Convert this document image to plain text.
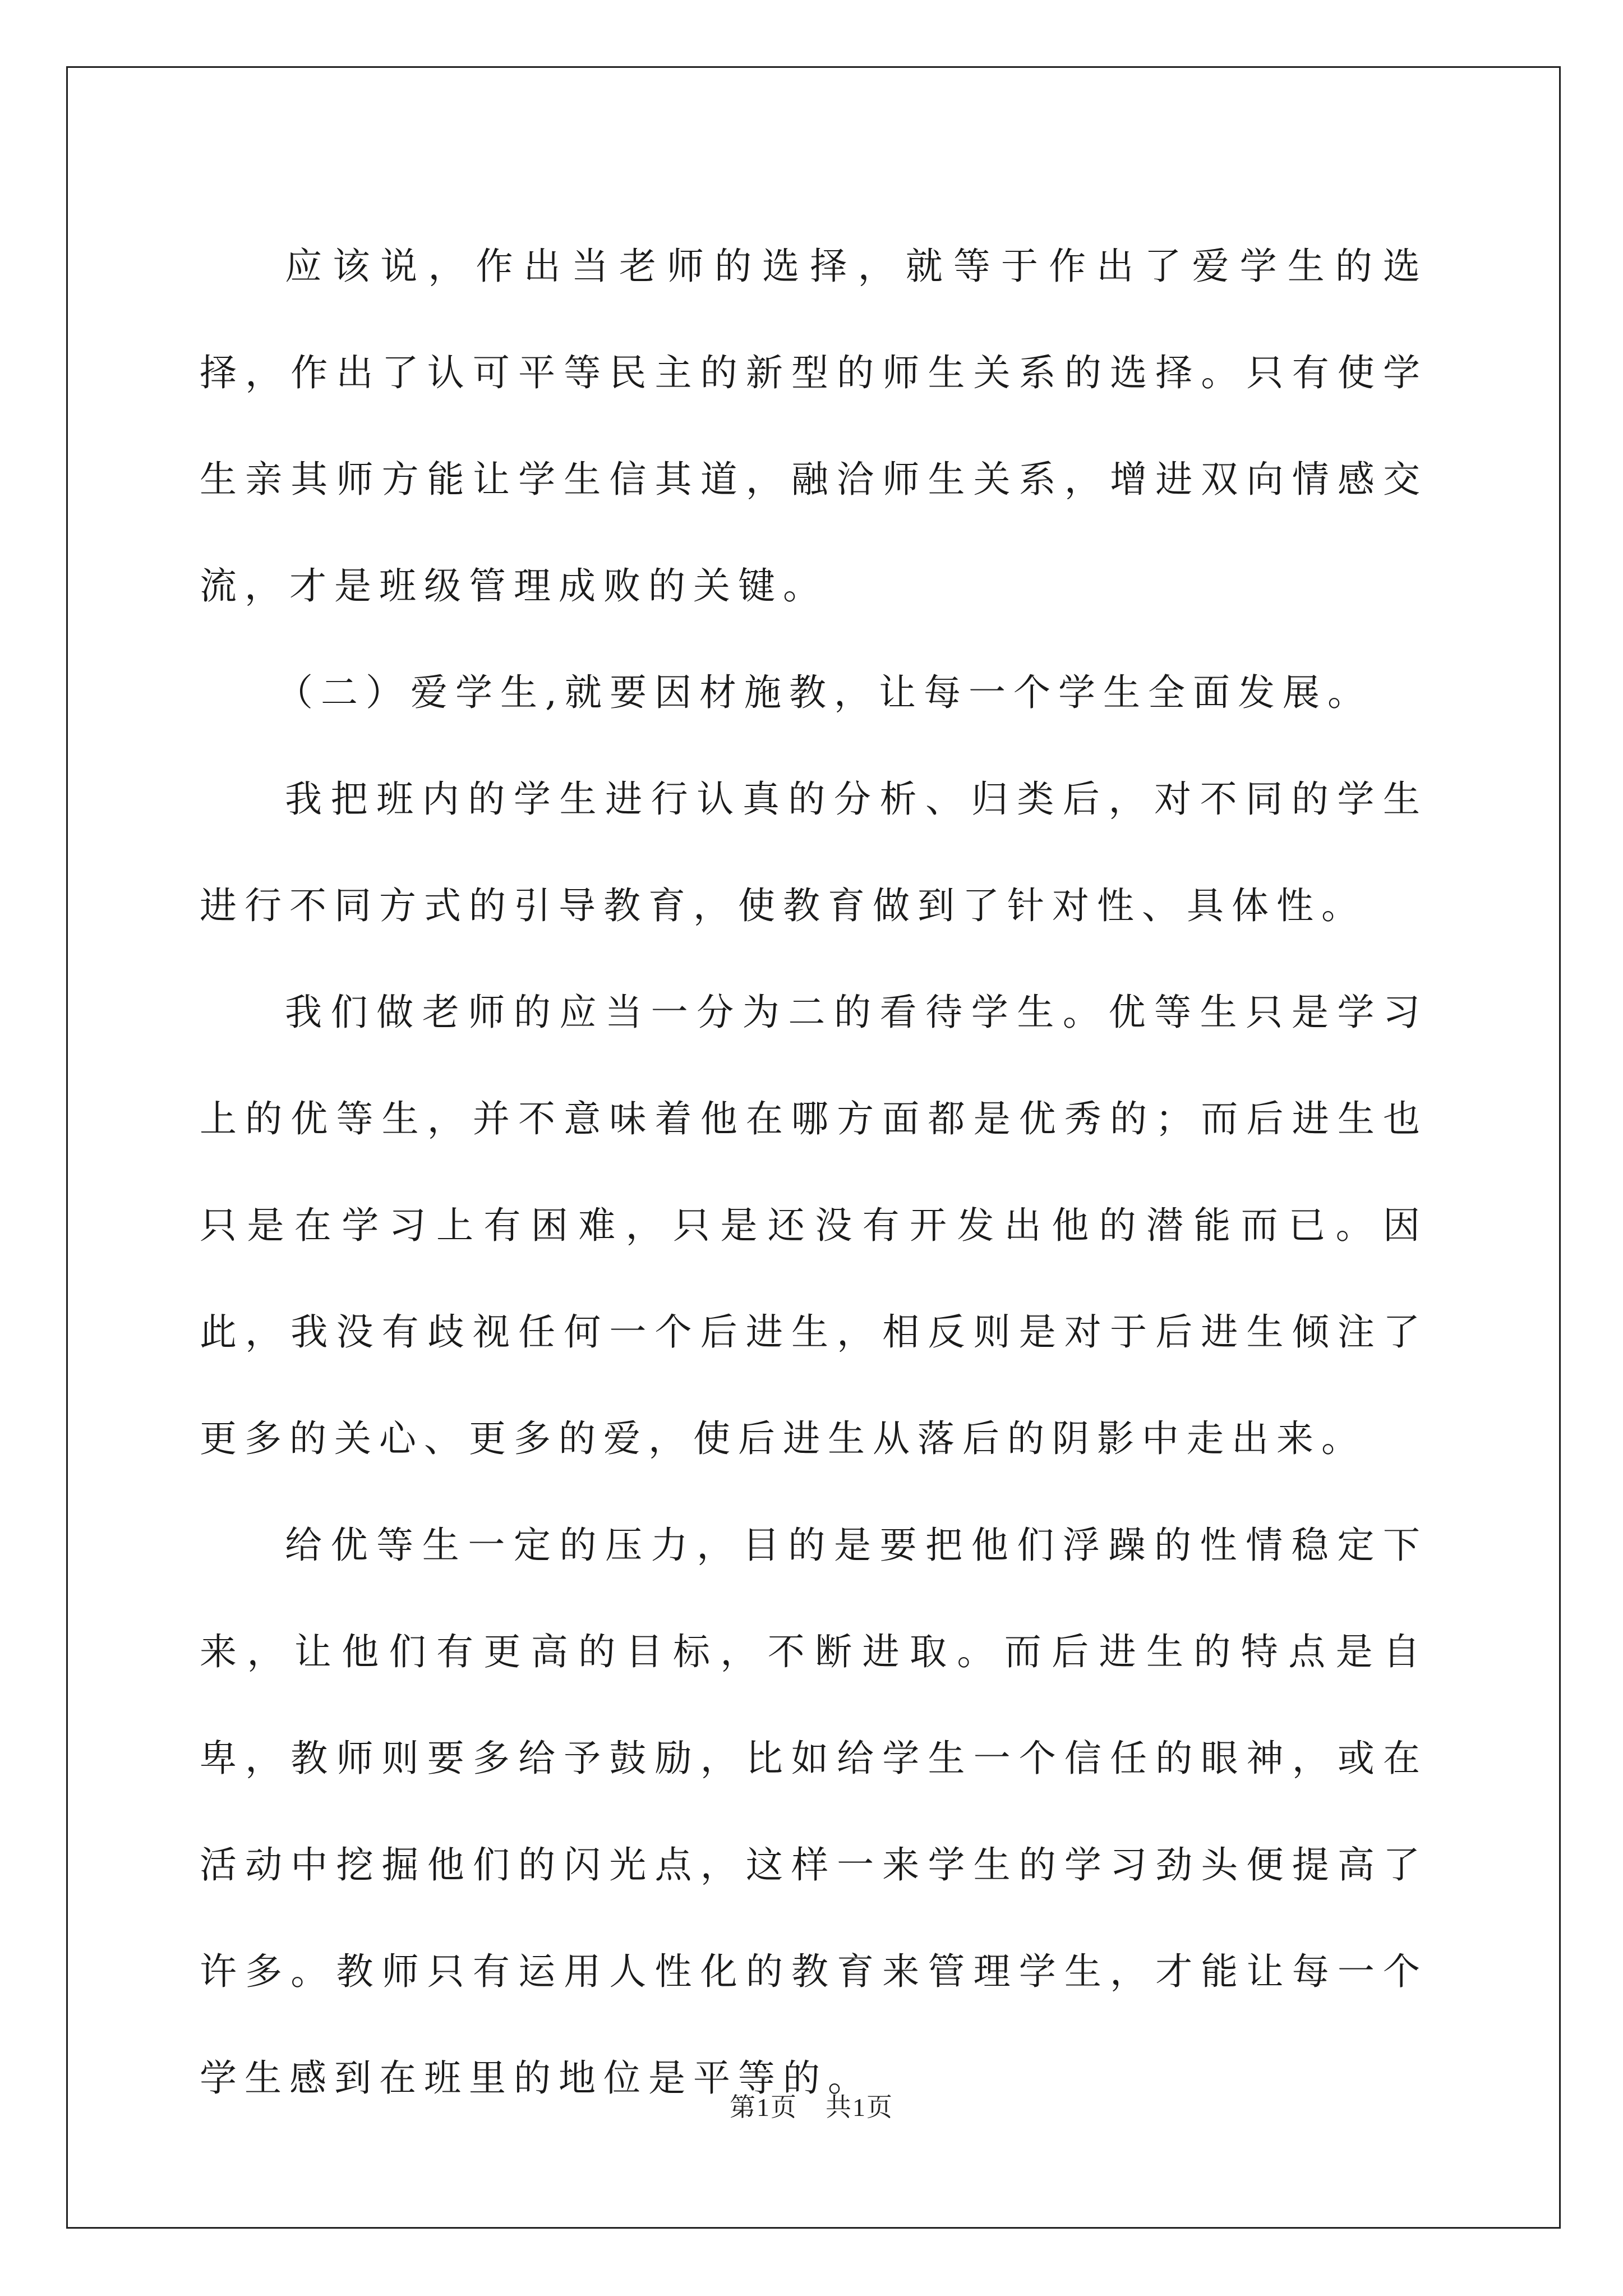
应该说，作出当老师的选择，就等于作出了爱学生的选择，作出了认可平等民主的新型的师生关系的选择。只有使学生亲其师方能让学生信其道，融洽师生关系，增进双向情感交流，才是班级管理成败的关键。

（二）爱学生,就要因材施教，让每一个学生全面发展。

我把班内的学生进行认真的分析、归类后，对不同的学生进行不同方式的引导教育，使教育做到了针对性、具体性。

我们做老师的应当一分为二的看待学生。优等生只是学习上的优等生，并不意味着他在哪方面都是优秀的；而后进生也只是在学习上有困难，只是还没有开发出他的潜能而已。因此，我没有歧视任何一个后进生，相反则是对于后进生倾注了更多的关心、更多的爱，使后进生从落后的阴影中走出来。

给优等生一定的压力，目的是要把他们浮躁的性情稳定下来，让他们有更高的目标，不断进取。而后进生的特点是自卑，教师则要多给予鼓励，比如给学生一个信任的眼神，或在活动中挖掘他们的闪光点，这样一来学生的学习劲头便提高了许多。教师只有运用人性化的教育来管理学生，才能让每一个学生感到在班里的地位是平等的。

第1页 共1页
